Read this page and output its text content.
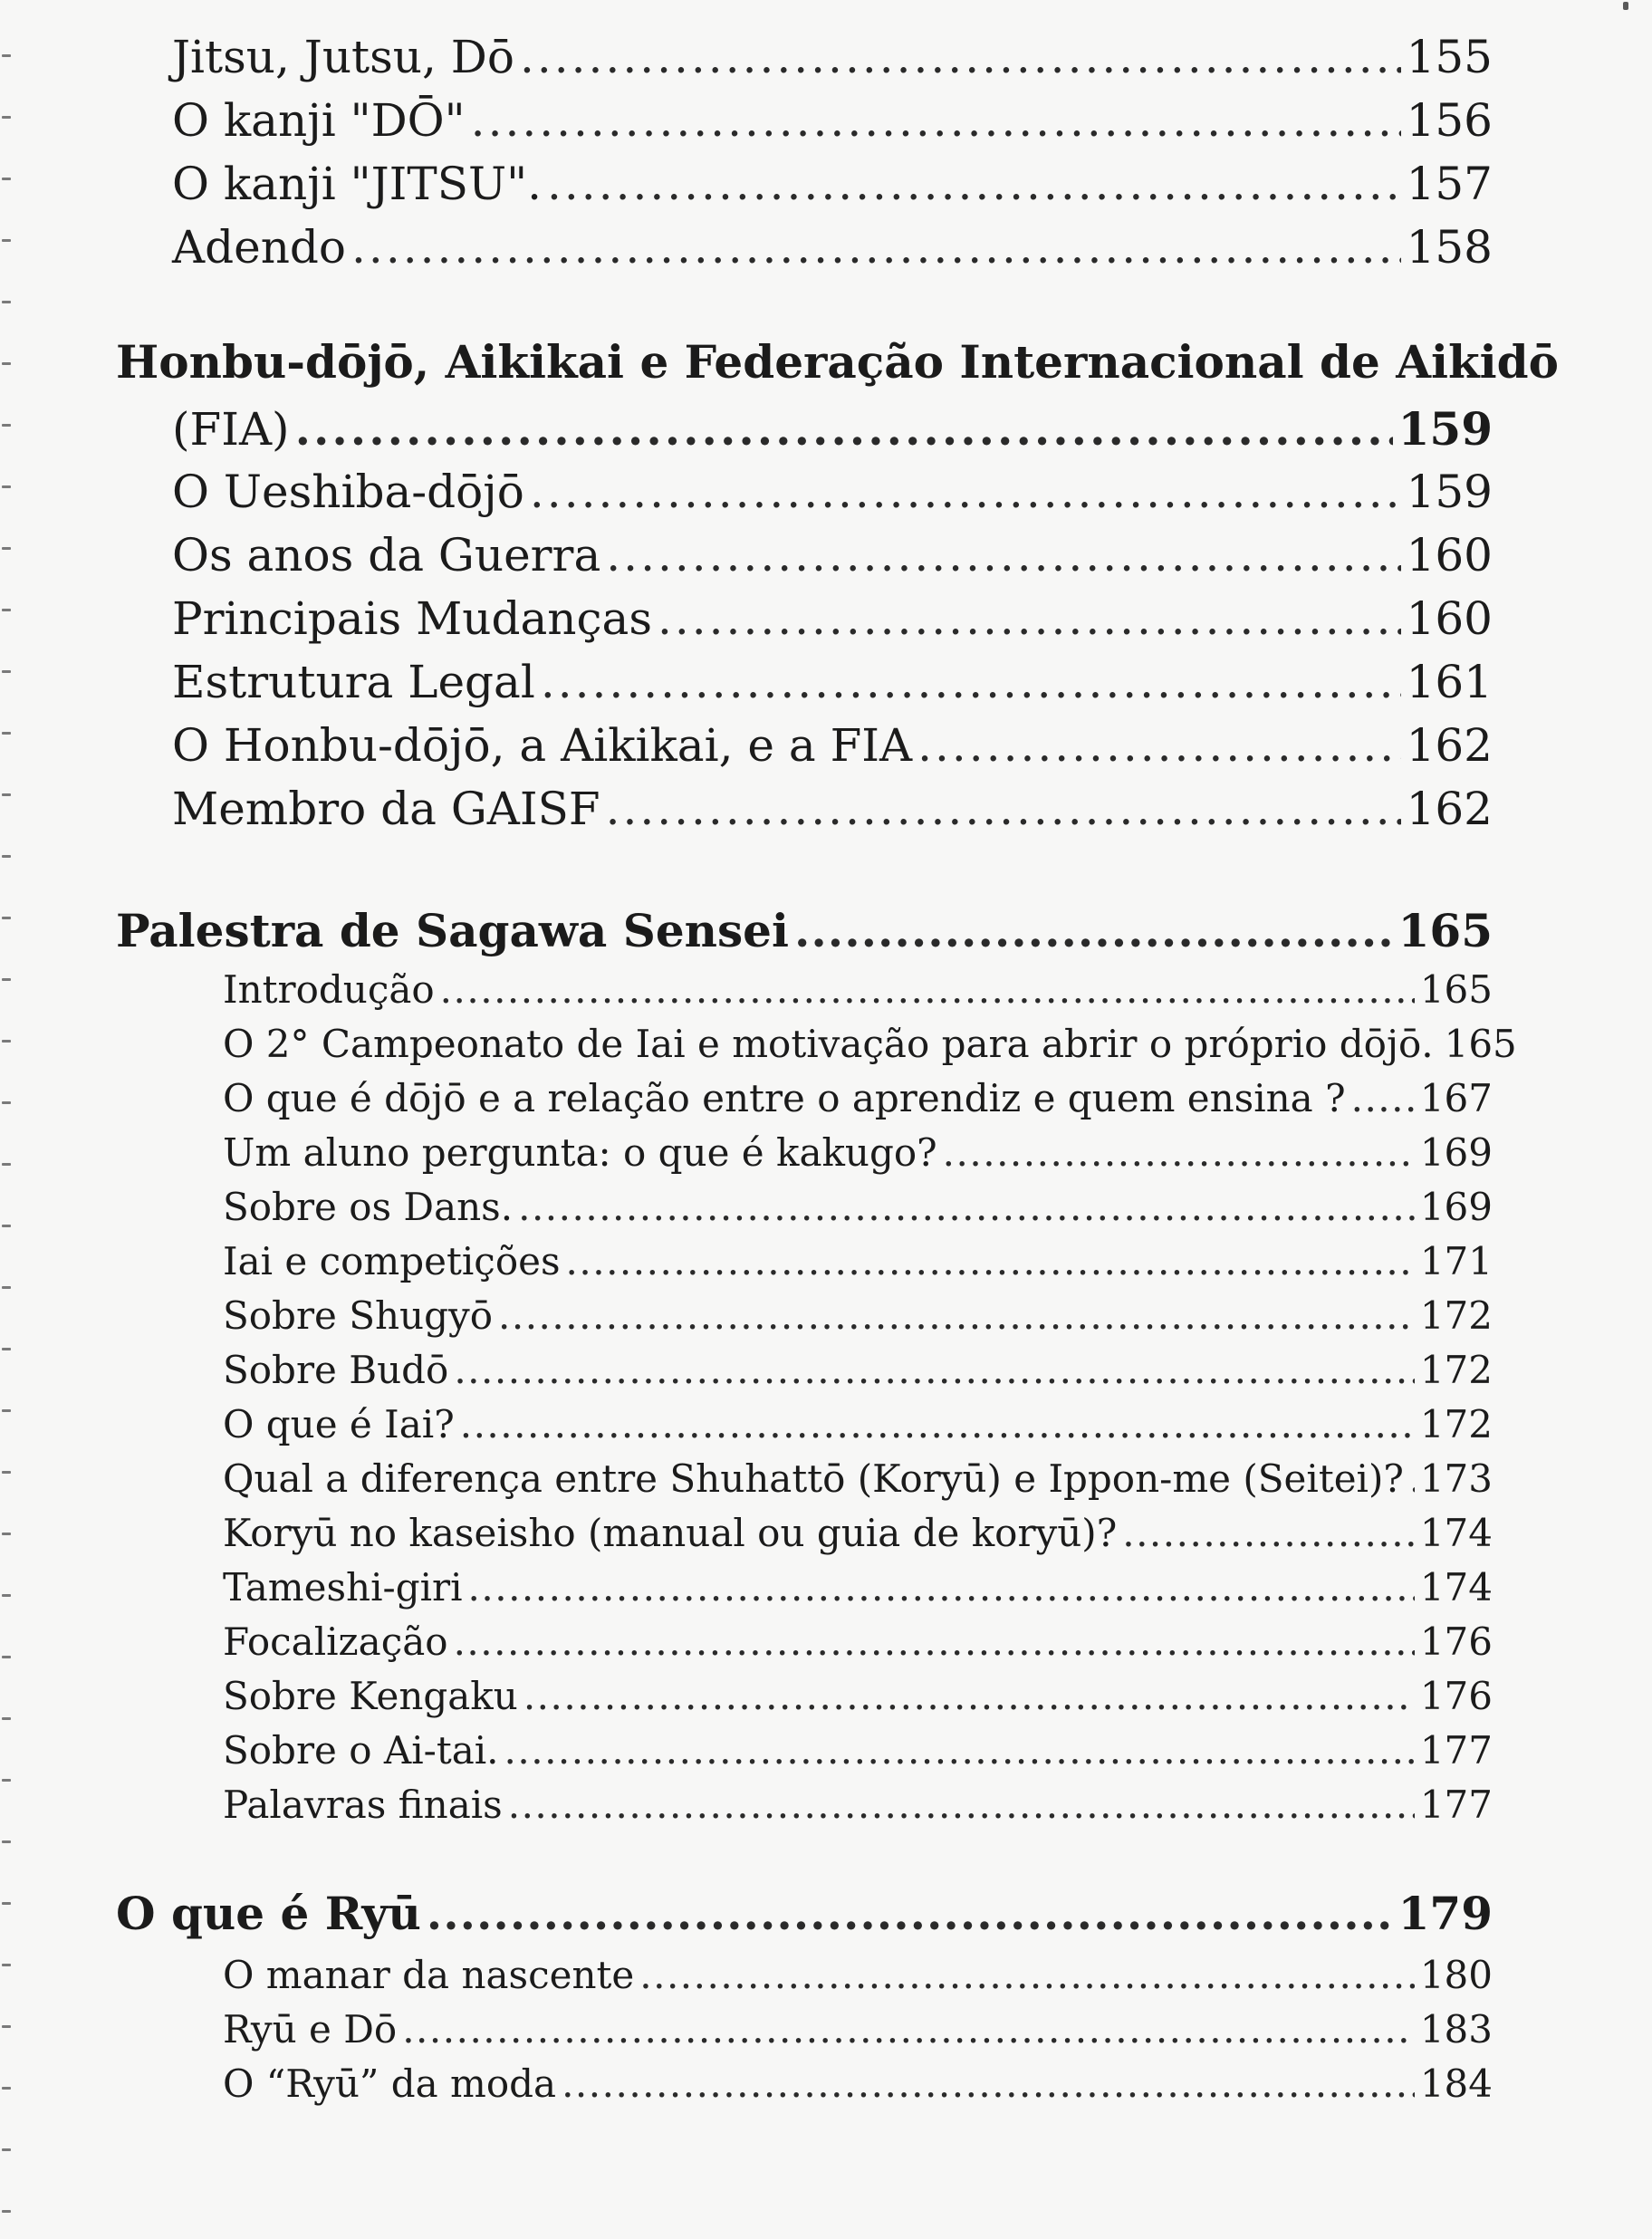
Jitsu, Jutsu, Dō .....	155
O kanji "DŌ" .....	156
O kanji "JITSU". .....	157
Adendo .....	158
Honbu-dōjō, Aikikai e Federação Internacional de Aikidō
(FIA) .....	159
O Ueshiba-dōjō .....	159
Os anos da Guerra .....	160
Principais Mudanças .....	160
Estrutura Legal .....	161
O Honbu-dōjō, a Aikikai, e a FIA .....	162
Membro da GAISF .....	162
Palestra de Sagawa Sensei .....	165
Introdução .....	165
O 2° Campeonato de Iai e motivação para abrir o próprio dōjō. 165
O que é dōjō e a relação entre o aprendiz e quem ensina ? ..... 167
Um aluno pergunta: o que é kakugo? .....	169
Sobre os Dans. .....	169
Iai e competições .....	171
Sobre Shugyō .....	172
Sobre Budō .....	172
O que é Iai? .....	172
Qual a diferença entre Shuhattō (Koryū) e Ippon-me (Seitei)? ..... 173
Koryū no kaseisho (manual ou guia de koryū)? .....	174
Tameshi-giri .....	174
Focalização .....	176
Sobre Kengaku .....	176
Sobre o Ai-tai. .....	177
Palavras finais .....	177
O que é Ryū .....	179
O manar da nascente .....	180
Ryū e Dō .....	183
O “Ryū” da moda .....	184
